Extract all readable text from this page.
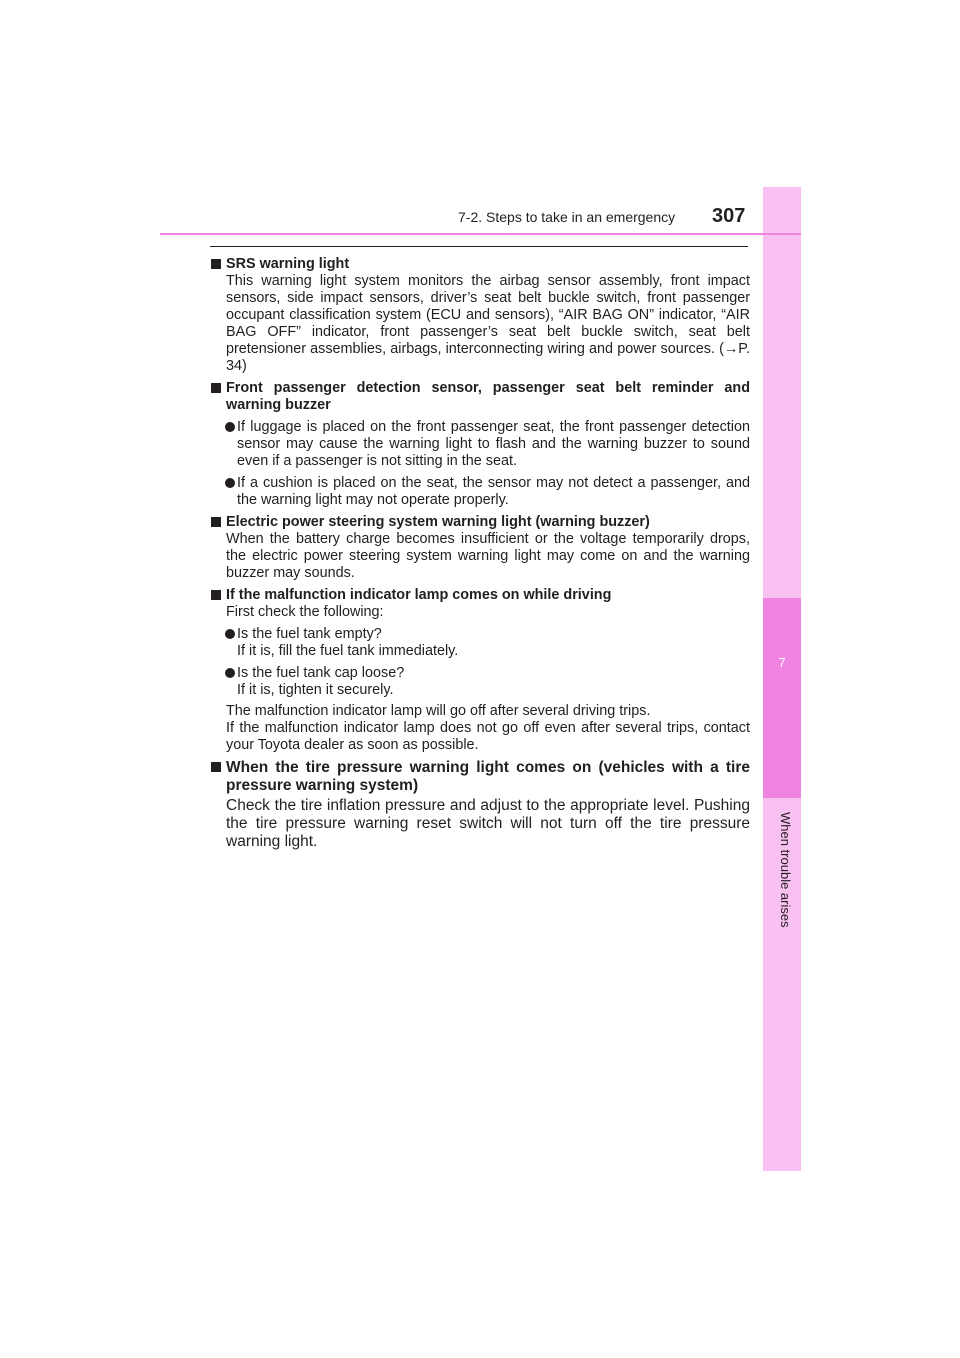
7
When trouble arises
7-2. Steps to take in an emergency 307
SRS warning light
This warning light system monitors the airbag sensor assembly, front impact sensors, side impact sensors, driver’s seat belt buckle switch, front passenger occupant classification system (ECU and sensors), “AIR BAG ON” indicator, “AIR BAG OFF” indicator, front passenger’s seat belt buckle switch, seat belt pretensioner assemblies, airbags, interconnecting wiring and power sources. (→P. 34)
Front passenger detection sensor, passenger seat belt reminder and warning buzzer
If luggage is placed on the front passenger seat, the front passenger detection sensor may cause the warning light to flash and the warning buzzer to sound even if a passenger is not sitting in the seat.
If a cushion is placed on the seat, the sensor may not detect a passenger, and the warning light may not operate properly.
Electric power steering system warning light (warning buzzer)
When the battery charge becomes insufficient or the voltage temporarily drops, the electric power steering system warning light may come on and the warning buzzer may sounds.
If the malfunction indicator lamp comes on while driving
First check the following:
Is the fuel tank empty?
If it is, fill the fuel tank immediately.
Is the fuel tank cap loose?
If it is, tighten it securely.
The malfunction indicator lamp will go off after several driving trips.
If the malfunction indicator lamp does not go off even after several trips, contact your Toyota dealer as soon as possible.
When the tire pressure warning light comes on (vehicles with a tire pressure warning system)
Check the tire inflation pressure and adjust to the appropriate level. Pushing the tire pressure warning reset switch will not turn off the tire pressure warning light.
